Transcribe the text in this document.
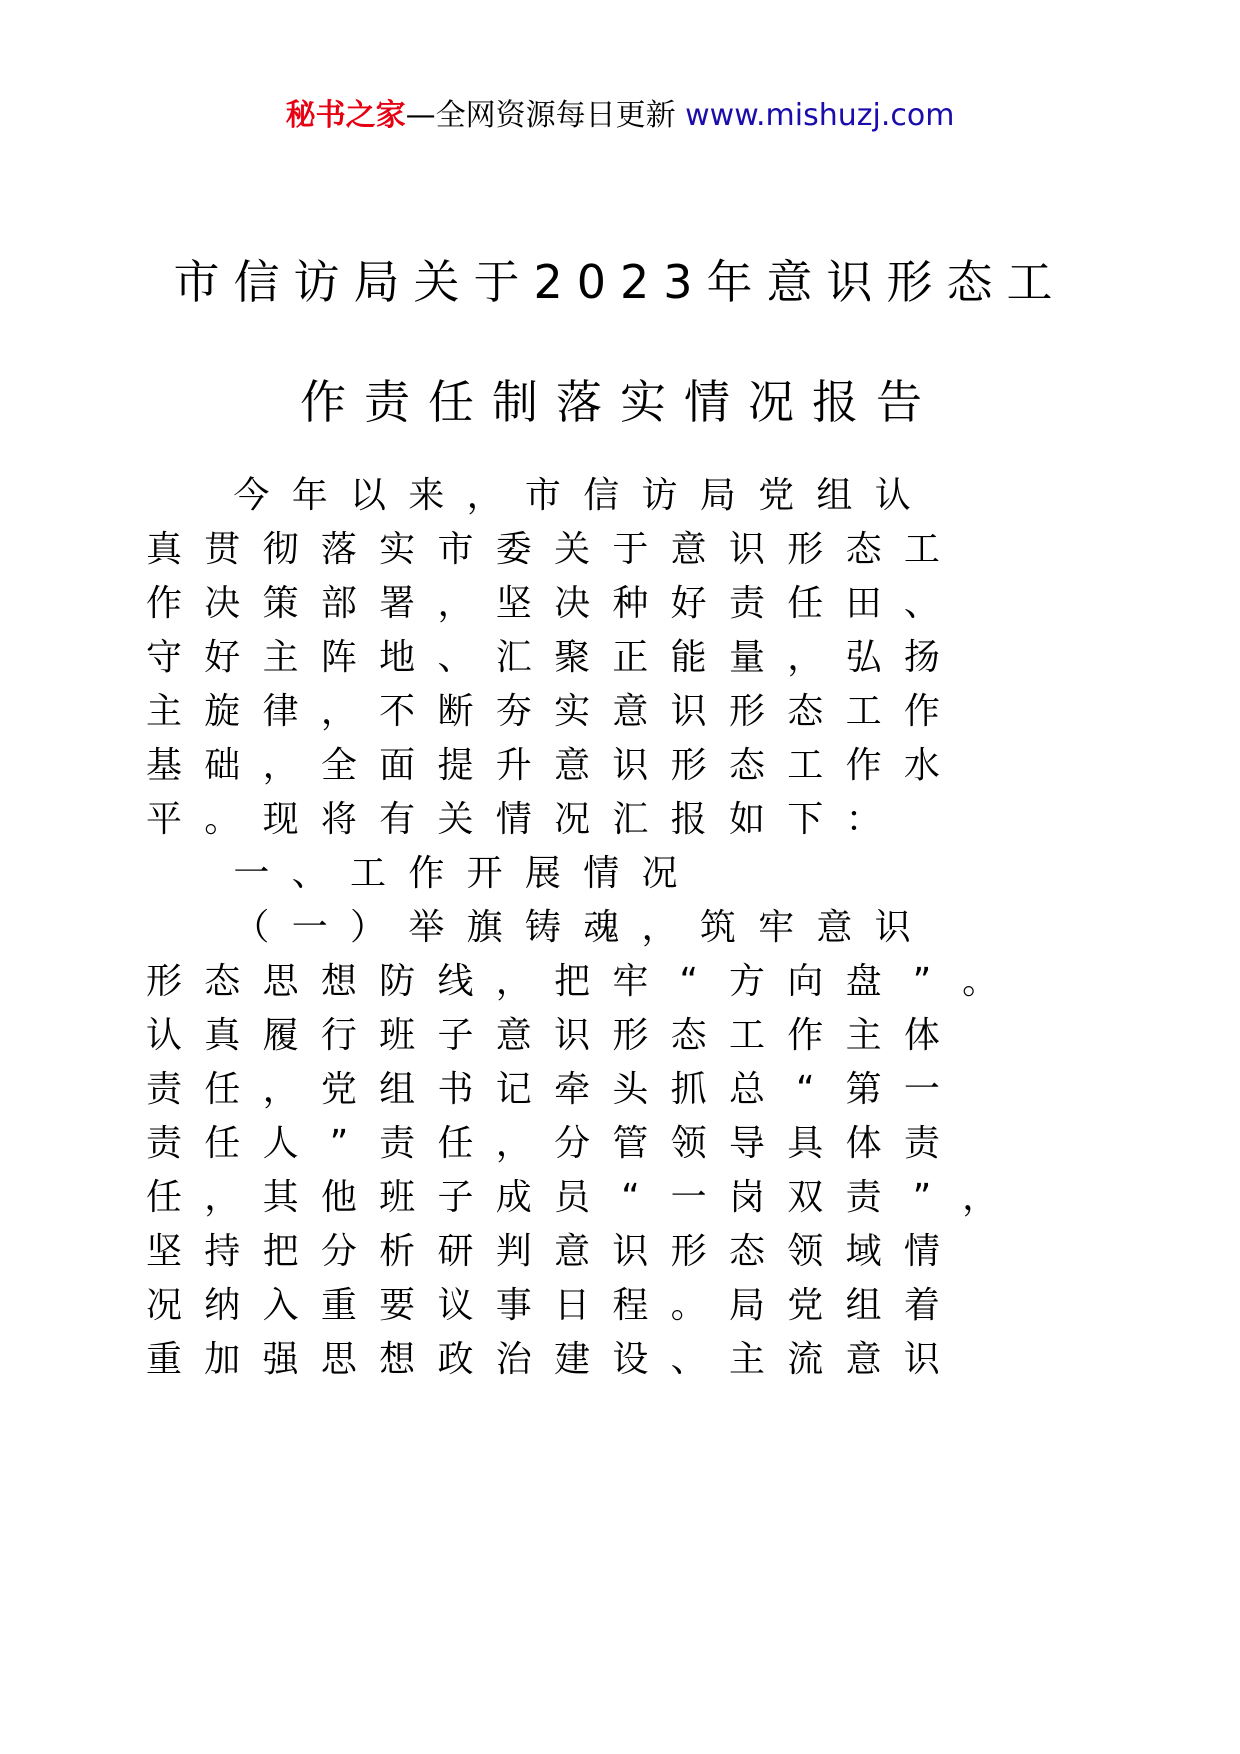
秘书之家—全网资源每日更新 www.mishuzj.com
市信访局关于2023年意识形态工
作责任制落实情况报告
今 年 以 来 ， 市 信 访 局 党 组 认
真 贯 彻 落 实 市 委 关 于 意 识 形 态 工
作 决 策 部 署 ， 坚 决 种 好 责 任 田 、
守 好 主 阵 地 、 汇 聚 正 能 量 ， 弘 扬
主 旋 律 ， 不 断 夯 实 意 识 形 态 工 作
基 础 ， 全 面 提 升 意 识 形 态 工 作 水
平 。 现 将 有 关 情 况 汇 报 如 下 ：
一 、 工 作 开 展 情 况
（ 一 ） 举 旗 铸 魂 ， 筑 牢 意 识
形 态 思 想 防 线 ， 把 牢 “ 方 向 盘 ” 。
认 真 履 行 班 子 意 识 形 态 工 作 主 体
责 任 ， 党 组 书 记 牵 头 抓 总 “ 第 一
责 任 人 ” 责 任 ， 分 管 领 导 具 体 责
任 ， 其 他 班 子 成 员 “ 一 岗 双 责 ” ，
坚 持 把 分 析 研 判 意 识 形 态 领 域 情
况 纳 入 重 要 议 事 日 程 。 局 党 组 着
重 加 强 思 想 政 治 建 设 、 主 流 意 识
